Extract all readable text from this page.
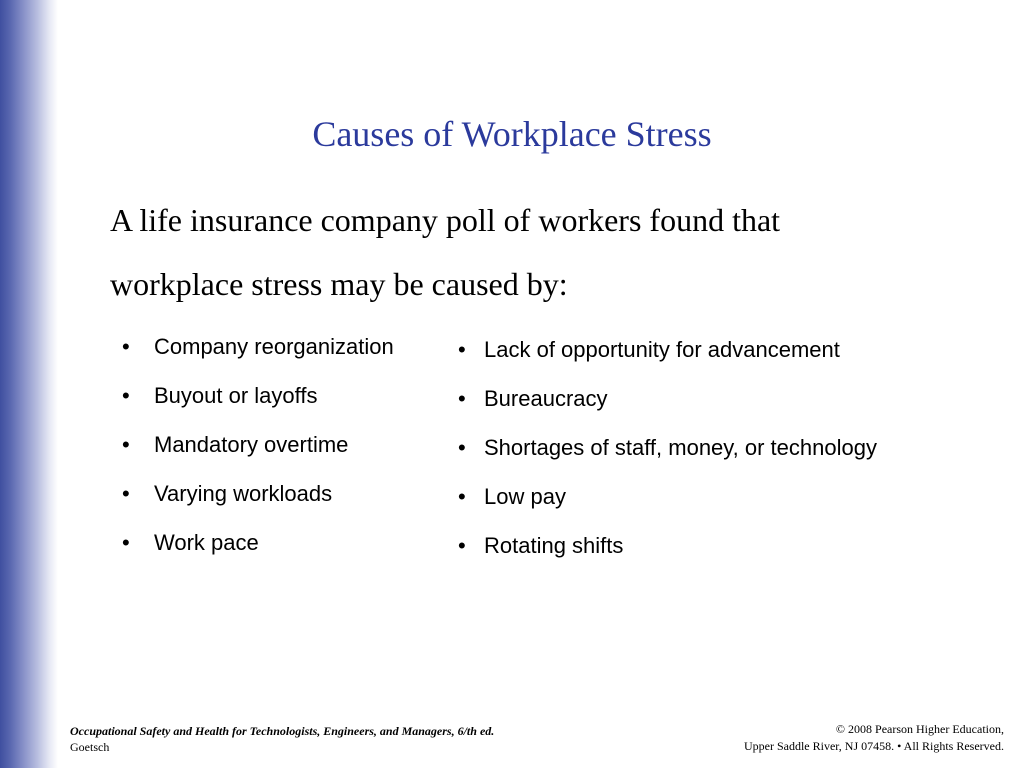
Causes of Workplace Stress
A life insurance company poll of workers found that
workplace stress may be caused by:
• Company reorganization
• Buyout or layoffs
• Mandatory overtime
• Varying workloads
• Work pace
• Lack of opportunity for advancement
• Bureaucracy
• Shortages of staff, money, or technology
• Low pay
• Rotating shifts
Occupational Safety and Health for Technologists, Engineers, and Managers, 6/th ed.
Goetsch
© 2008 Pearson Higher Education,
Upper Saddle River, NJ 07458. • All Rights Reserved.
